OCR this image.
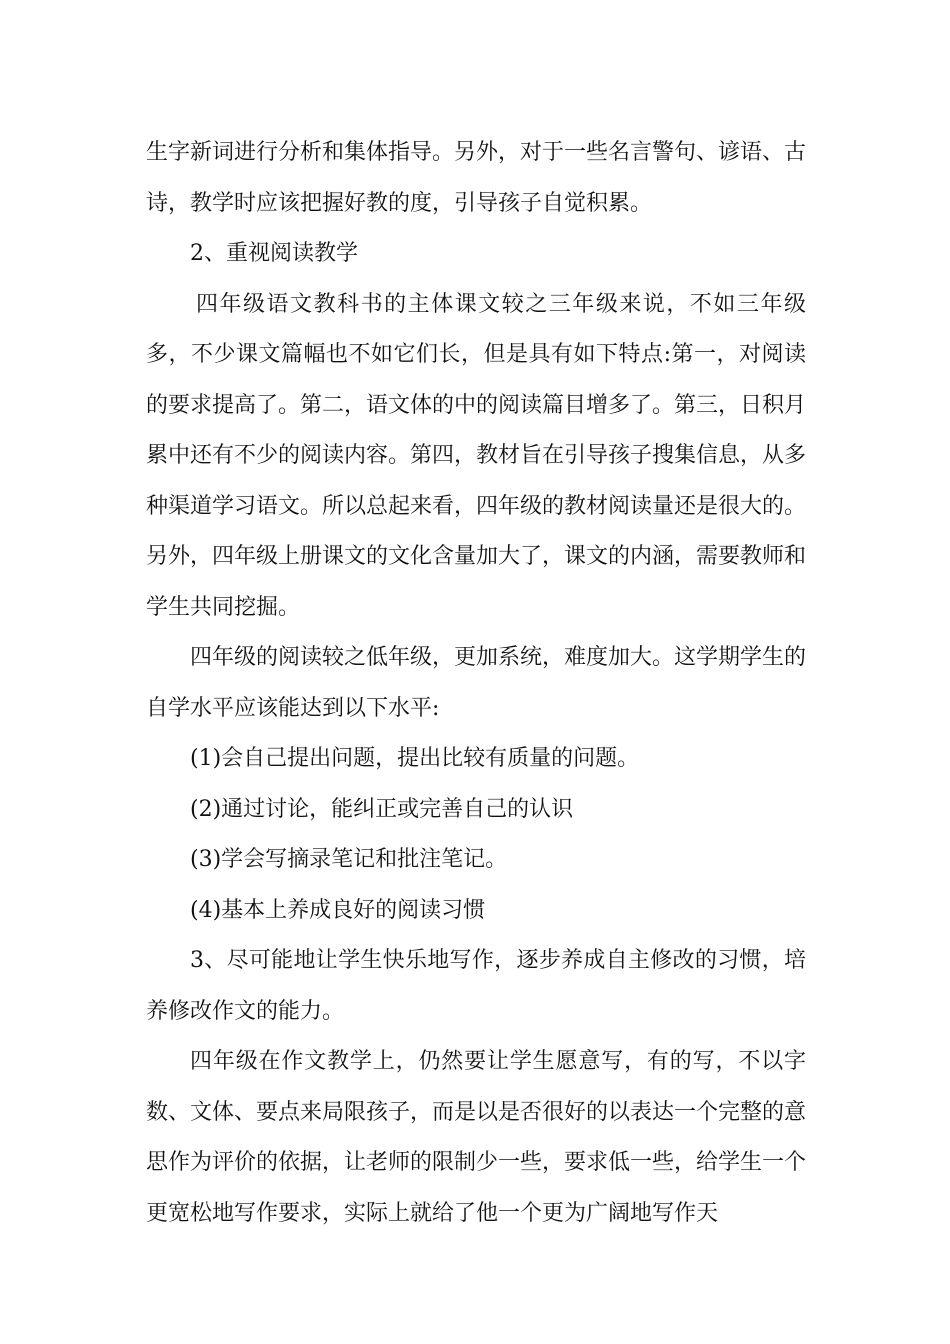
生字新词进行分析和集体指导。另外，对于一些名言警句、谚语、古诗，教学时应该把握好教的度，引导孩子自觉积累。

2、重视阅读教学

四年级语文教科书的主体课文较之三年级来说，不如三年级多，不少课文篇幅也不如它们长，但是具有如下特点:第一，对阅读的要求提高了。第二，语文体的中的阅读篇目增多了。第三，日积月累中还有不少的阅读内容。第四，教材旨在引导孩子搜集信息，从多种渠道学习语文。所以总起来看，四年级的教材阅读量还是很大的。另外，四年级上册课文的文化含量加大了，课文的内涵，需要教师和学生共同挖掘。

四年级的阅读较之低年级，更加系统，难度加大。这学期学生的自学水平应该能达到以下水平:

(1)会自己提出问题，提出比较有质量的问题。

(2)通过讨论，能纠正或完善自己的认识

(3)学会写摘录笔记和批注笔记。

(4)基本上养成良好的阅读习惯

3、尽可能地让学生快乐地写作，逐步养成自主修改的习惯，培养修改作文的能力。

四年级在作文教学上，仍然要让学生愿意写，有的写，不以字数、文体、要点来局限孩子，而是以是否很好的以表达一个完整的意思作为评价的依据，让老师的限制少一些，要求低一些，给学生一个更宽松地写作要求，实际上就给了他一个更为广阔地写作天
